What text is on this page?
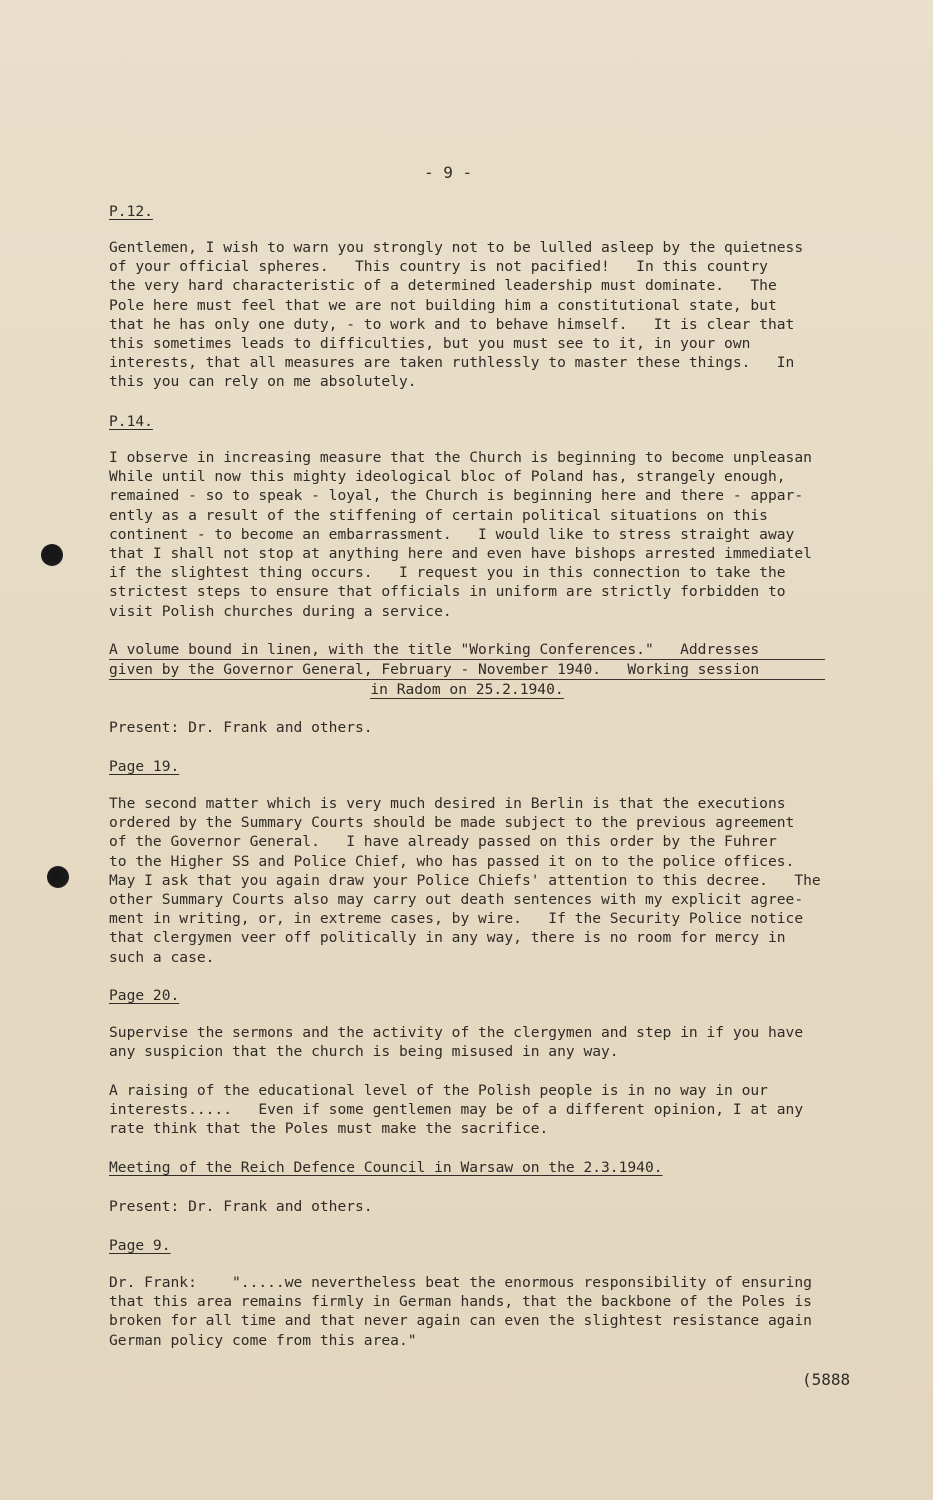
- 9 -
P.12.
Gentlemen, I wish to warn you strongly not to be lulled asleep by the quietness
of your official spheres.   This country is not pacified!   In this country
the very hard characteristic of a determined leadership must dominate.   The
Pole here must feel that we are not building him a constitutional state, but
that he has only one duty, - to work and to behave himself.   It is clear that
this sometimes leads to difficulties, but you must see to it, in your own
interests, that all measures are taken ruthlessly to master these things.   In
this you can rely on me absolutely.
P.14.
I observe in increasing measure that the Church is beginning to become unpleasan
While until now this mighty ideological bloc of Poland has, strangely enough,
remained - so to speak - loyal, the Church is beginning here and there - appar-
ently as a result of the stiffening of certain political situations on this
continent - to become an embarrassment.   I would like to stress straight away
that I shall not stop at anything here and even have bishops arrested immediatel
if the slightest thing occurs.   I request you in this connection to take the
strictest steps to ensure that officials in uniform are strictly forbidden to
visit Polish churches during a service.
A volume bound in linen, with the title "Working Conferences."   Addresses
given by the Governor General, February - November 1940.   Working session
in Radom on 25.2.1940.
Present: Dr. Frank and others.
Page 19.
The second matter which is very much desired in Berlin is that the executions
ordered by the Summary Courts should be made subject to the previous agreement
of the Governor General.   I have already passed on this order by the Fuhrer
to the Higher SS and Police Chief, who has passed it on to the police offices.
May I ask that you again draw your Police Chiefs' attention to this decree.   The
other Summary Courts also may carry out death sentences with my explicit agree-
ment in writing, or, in extreme cases, by wire.   If the Security Police notice
that clergymen veer off politically in any way, there is no room for mercy in
such a case.
Page 20.
Supervise the sermons and the activity of the clergymen and step in if you have
any suspicion that the church is being misused in any way.
A raising of the educational level of the Polish people is in no way in our
interests.....   Even if some gentlemen may be of a different opinion, I at any
rate think that the Poles must make the sacrifice.
Meeting of the Reich Defence Council in Warsaw on the 2.3.1940.
Present: Dr. Frank and others.
Page 9.
Dr. Frank:    ".....we nevertheless beat the enormous responsibility of ensuring
that this area remains firmly in German hands, that the backbone of the Poles is
broken for all time and that never again can even the slightest resistance again
German policy come from this area."
(5888
